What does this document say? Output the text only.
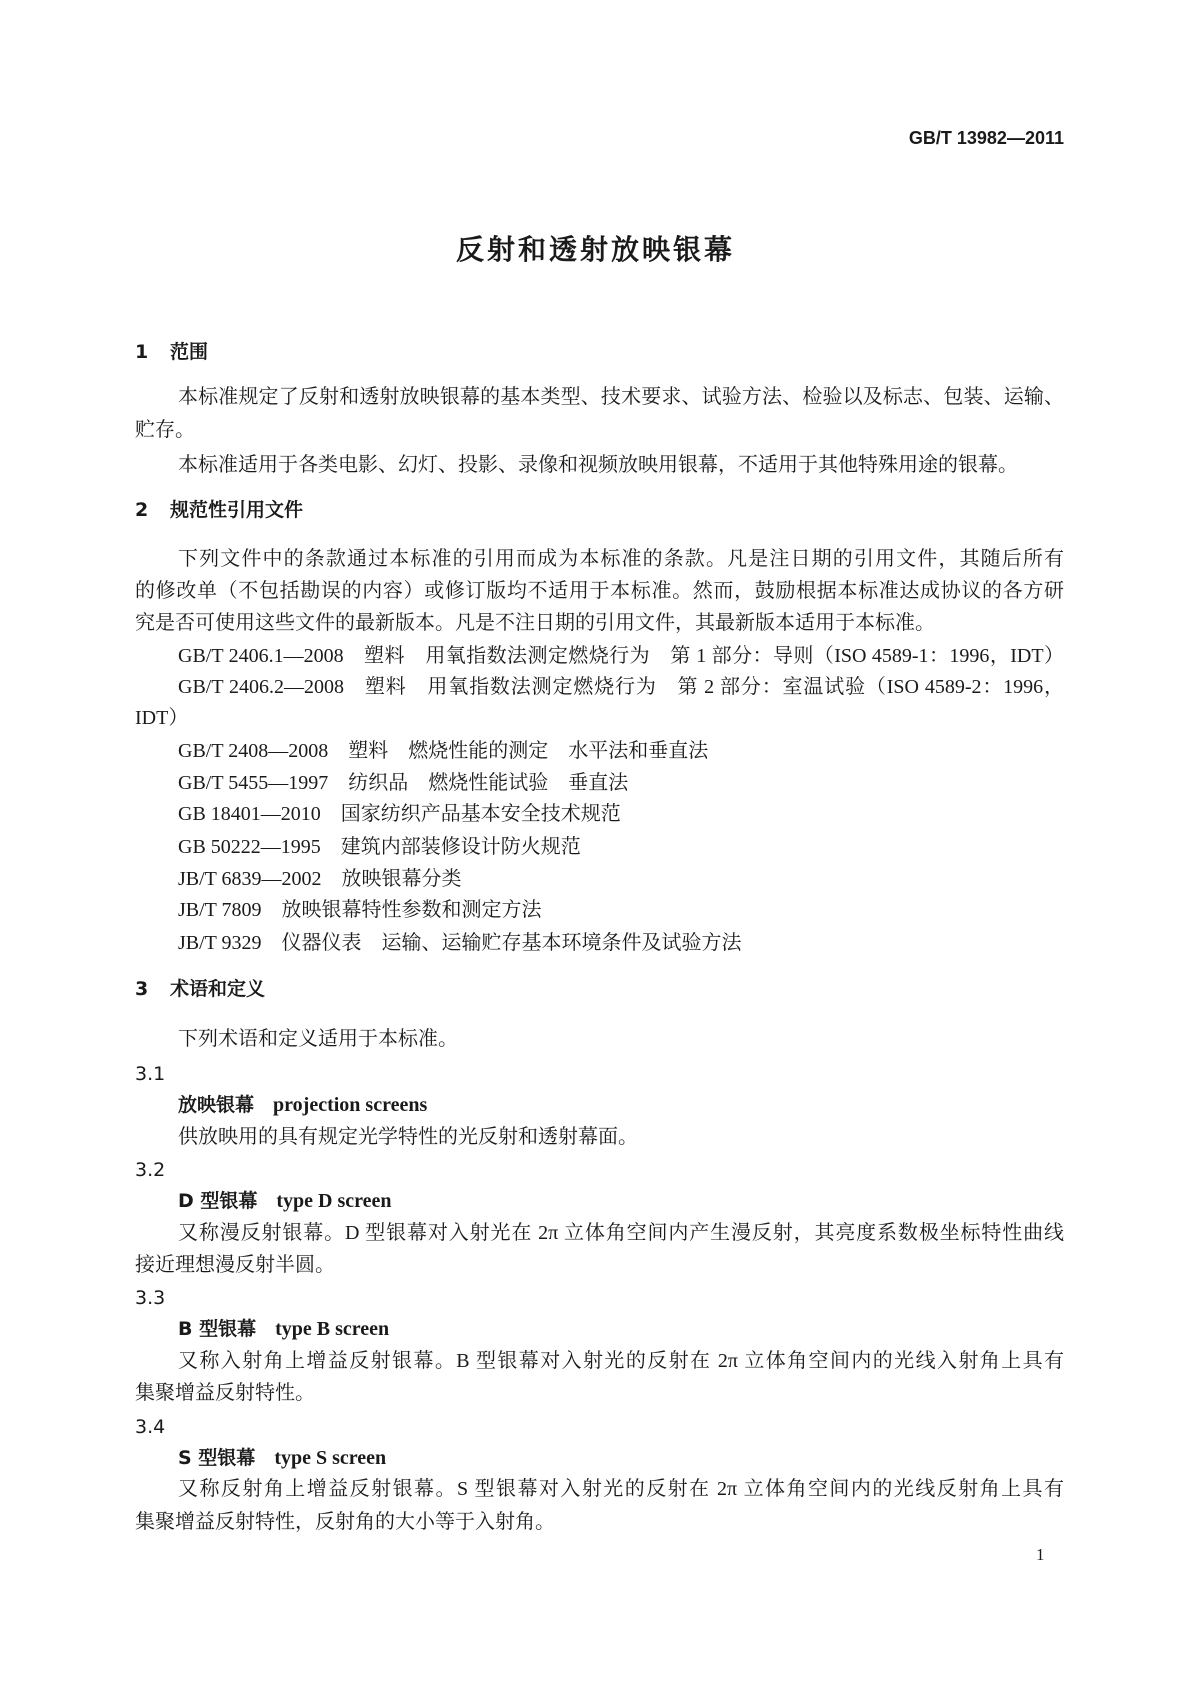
GB/T 13982—2011
反射和透射放映银幕
1 范围
本标准规定了反射和透射放映银幕的基本类型、技术要求、试验方法、检验以及标志、包装、运输、
贮存。
本标准适用于各类电影、幻灯、投影、录像和视频放映用银幕，不适用于其他特殊用途的银幕。
2 规范性引用文件
下列文件中的条款通过本标准的引用而成为本标准的条款。凡是注日期的引用文件，其随后所有
的修改单（不包括勘误的内容）或修订版均不适用于本标准。然而，鼓励根据本标准达成协议的各方研
究是否可使用这些文件的最新版本。凡是不注日期的引用文件，其最新版本适用于本标准。
GB/T 2406.1—2008 塑料　用氧指数法测定燃烧行为　第 1 部分：导则（ISO 4589-1：1996，IDT）
GB/T 2406.2—2008 塑料　用氧指数法测定燃烧行为　第 2 部分：室温试验（ISO 4589-2：1996，
IDT）
GB/T 2408—2008 塑料　燃烧性能的测定　水平法和垂直法
GB/T 5455—1997 纺织品　燃烧性能试验　垂直法
GB 18401—2010 国家纺织产品基本安全技术规范
GB 50222—1995 建筑内部装修设计防火规范
JB/T 6839—2002 放映银幕分类
JB/T 7809 放映银幕特性参数和测定方法
JB/T 9329 仪器仪表　运输、运输贮存基本环境条件及试验方法
3 术语和定义
下列术语和定义适用于本标准。
3.1
放映银幕 projection screens
供放映用的具有规定光学特性的光反射和透射幕面。
3.2
D 型银幕 type D screen
又称漫反射银幕。D 型银幕对入射光在 2π 立体角空间内产生漫反射，其亮度系数极坐标特性曲线
接近理想漫反射半圆。
3.3
B 型银幕 type B screen
又称入射角上增益反射银幕。B 型银幕对入射光的反射在 2π 立体角空间内的光线入射角上具有
集聚增益反射特性。
3.4
S 型银幕 type S screen
又称反射角上增益反射银幕。S 型银幕对入射光的反射在 2π 立体角空间内的光线反射角上具有
集聚增益反射特性，反射角的大小等于入射角。
1
